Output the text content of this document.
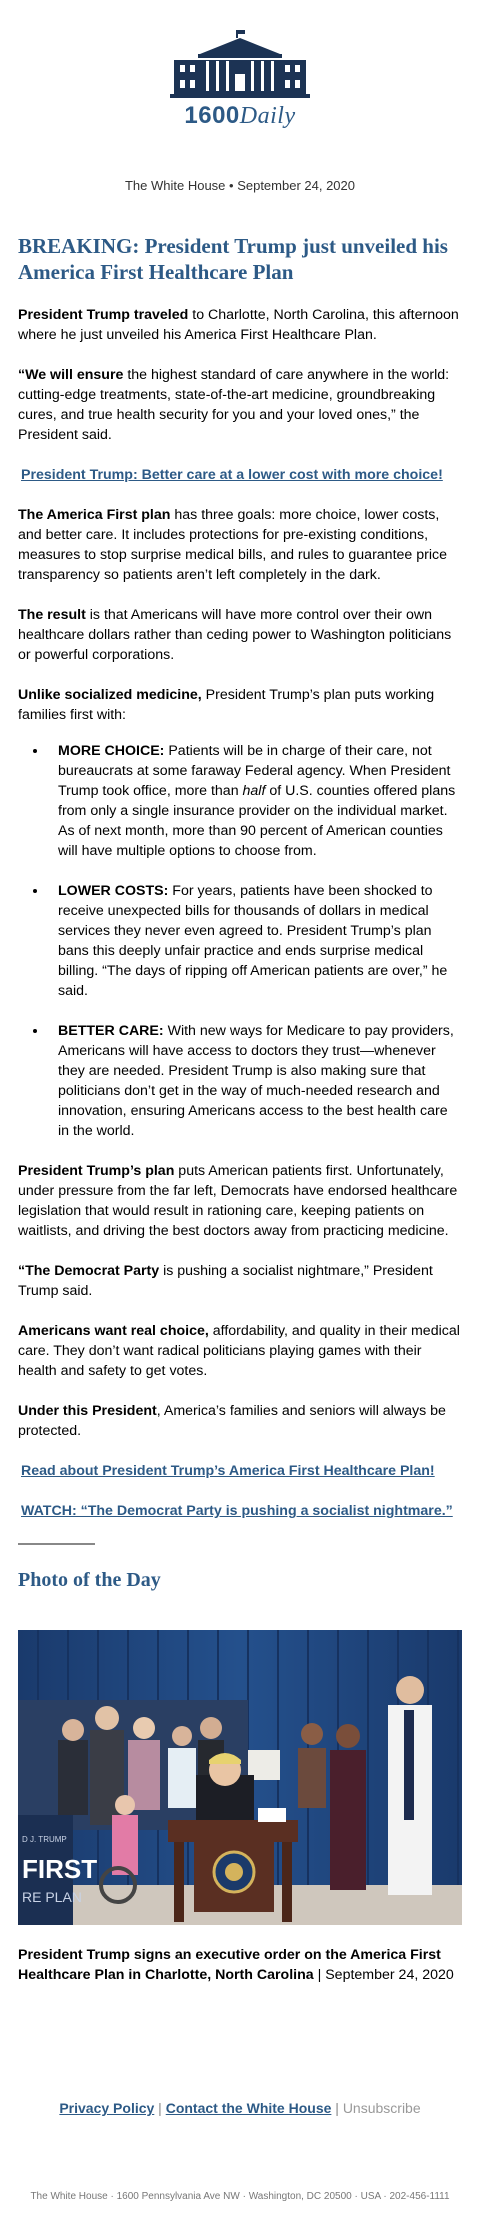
1600Daily
The White House • September 24, 2020
BREAKING: President Trump just unveiled his America First Healthcare Plan

President Trump traveled to Charlotte, North Carolina, this afternoon where he just unveiled his America First Healthcare Plan.

“We will ensure the highest standard of care anywhere in the world: cutting-edge treatments, state-of-the-art medicine, groundbreaking cures, and true health security for you and your loved ones,” the President said.

President Trump: Better care at a lower cost with more choice!

The America First plan has three goals: more choice, lower costs, and better care. It includes protections for pre-existing conditions, measures to stop surprise medical bills, and rules to guarantee price transparency so patients aren’t left completely in the dark.

The result is that Americans will have more control over their own healthcare dollars rather than ceding power to Washington politicians or powerful corporations.

Unlike socialized medicine, President Trump’s plan puts working families first with:

• MORE CHOICE: Patients will be in charge of their care, not bureaucrats at some faraway Federal agency. When President Trump took office, more than half of U.S. counties offered plans from only a single insurance provider on the individual market. As of next month, more than 90 percent of American counties will have multiple options to choose from.
• LOWER COSTS: For years, patients have been shocked to receive unexpected bills for thousands of dollars in medical services they never even agreed to. President Trump’s plan bans this deeply unfair practice and ends surprise medical billing. “The days of ripping off American patients are over,” he said.
• BETTER CARE: With new ways for Medicare to pay providers, Americans will have access to doctors they trust—whenever they are needed. President Trump is also making sure that politicians don’t get in the way of much-needed research and innovation, ensuring Americans access to the best health care in the world.

President Trump’s plan puts American patients first. Unfortunately, under pressure from the far left, Democrats have endorsed healthcare legislation that would result in rationing care, keeping patients on waitlists, and driving the best doctors away from practicing medicine.

“The Democrat Party is pushing a socialist nightmare,” President Trump said.

Americans want real choice, affordability, and quality in their medical care. They don’t want radical politicians playing games with their health and safety to get votes.

Under this President, America’s families and seniors will always be protected.

Read about President Trump’s America First Healthcare Plan!

WATCH: “The Democrat Party is pushing a socialist nightmare.”

Photo of the Day
D J. TRUMP
FIRST
RE PLAN

President Trump signs an executive order on the America First Healthcare Plan in Charlotte, North Carolina | September 24, 2020

Privacy Policy | Contact the White House | Unsubscribe
The White House · 1600 Pennsylvania Ave NW · Washington, DC 20500 · USA · 202-456-1111
